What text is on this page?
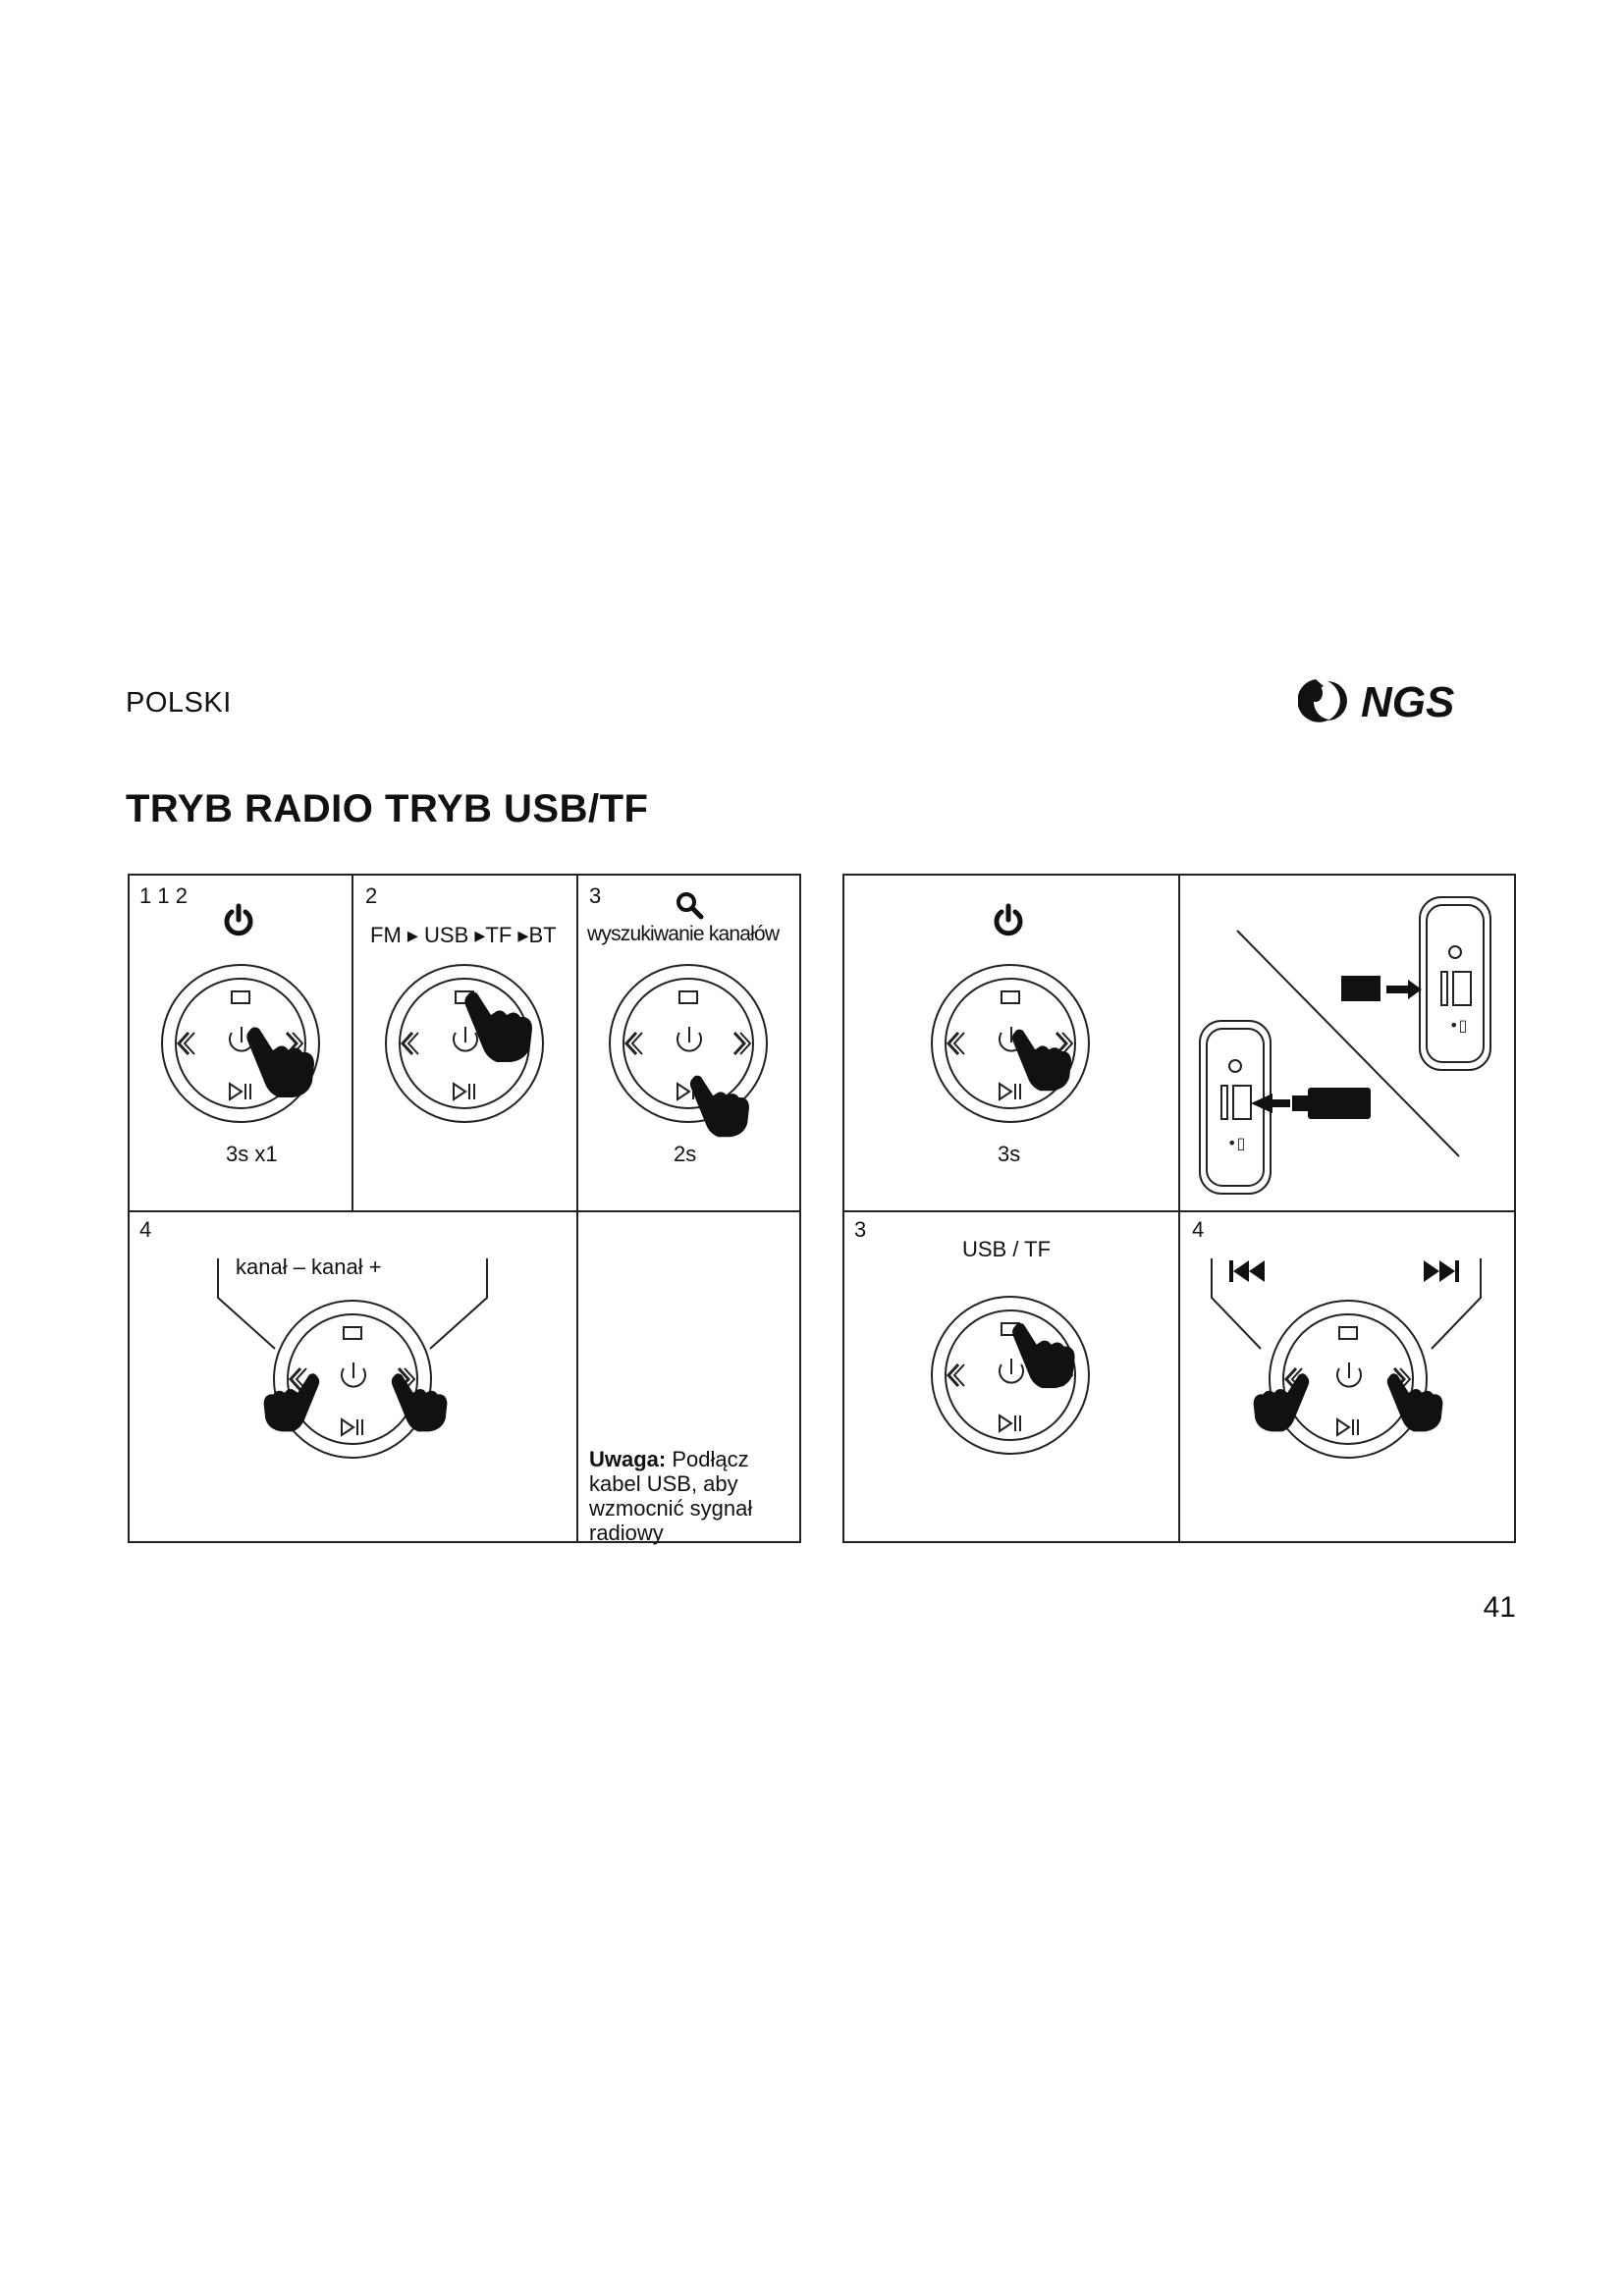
POLSKI	NGS
TRYB RADIO TRYB USB/TF
1 1 2
3s x1
2
FM ▸ USB ▸TF ▸BT
3
wyszukiwanie kanałów
2s
4
kanał – kanał +
Uwaga: Podłącz kabel USB, aby wzmocnić sygnał radiowy
3s
•▯
•▯
3
USB / TF
4
41
